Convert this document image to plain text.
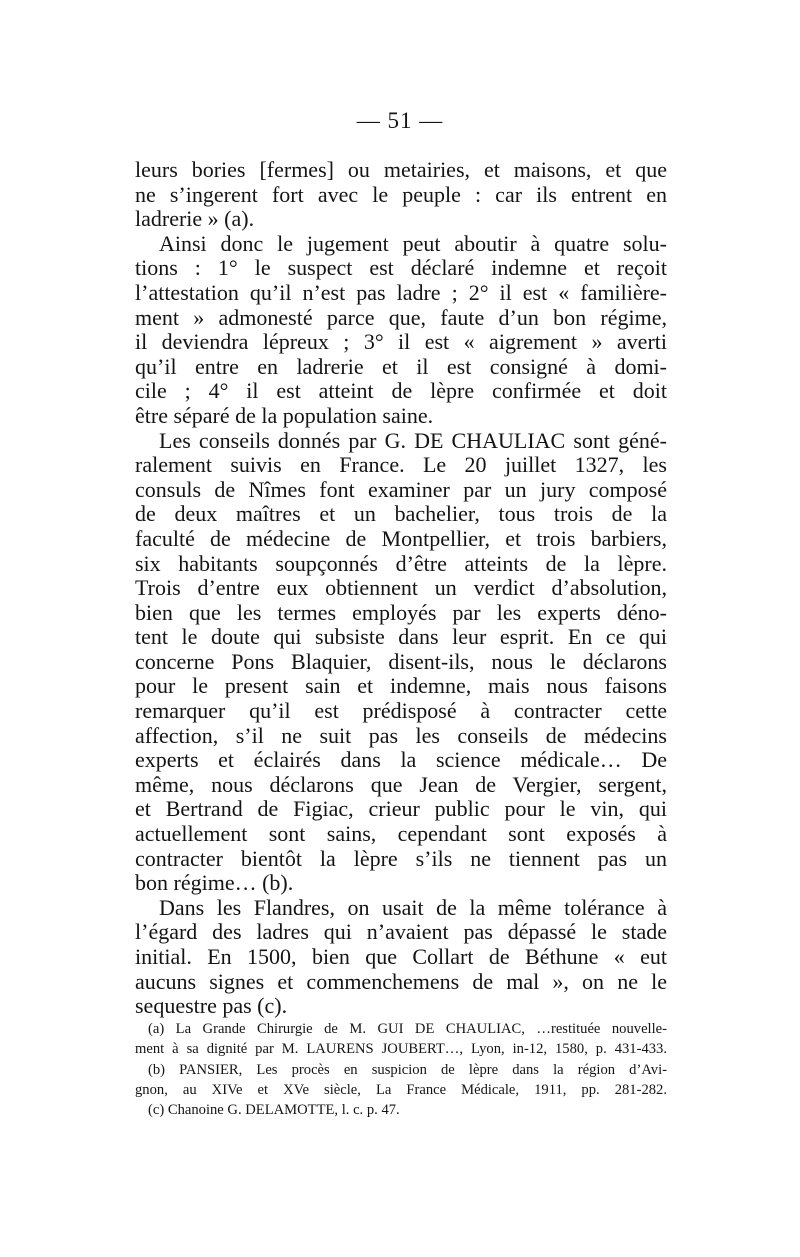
— 51 —
leurs bories [fermes] ou metairies, et maisons, et que
ne s’ingerent fort avec le peuple : car ils entrent en
ladrerie » (a).
Ainsi donc le jugement peut aboutir à quatre solu-
tions : 1° le suspect est déclaré indemne et reçoit
l’attestation qu’il n’est pas ladre ; 2° il est « familière-
ment » admonesté parce que, faute d’un bon régime,
il deviendra lépreux ; 3° il est « aigrement » averti
qu’il entre en ladrerie et il est consigné à domi-
cile ; 4° il est atteint de lèpre confirmée et doit
être séparé de la population saine.
Les conseils donnés par G. DE CHAULIAC sont géné-
ralement suivis en France. Le 20 juillet 1327, les
consuls de Nîmes font examiner par un jury composé
de deux maîtres et un bachelier, tous trois de la
faculté de médecine de Montpellier, et trois barbiers,
six habitants soupçonnés d’être atteints de la lèpre.
Trois d’entre eux obtiennent un verdict d’absolution,
bien que les termes employés par les experts déno-
tent le doute qui subsiste dans leur esprit. En ce qui
concerne Pons Blaquier, disent-ils, nous le déclarons
pour le present sain et indemne, mais nous faisons
remarquer qu’il est prédisposé à contracter cette
affection, s’il ne suit pas les conseils de médecins
experts et éclairés dans la science médicale… De
même, nous déclarons que Jean de Vergier, sergent,
et Bertrand de Figiac, crieur public pour le vin, qui
actuellement sont sains, cependant sont exposés à
contracter bientôt la lèpre s’ils ne tiennent pas un
bon régime… (b).
Dans les Flandres, on usait de la même tolérance à
l’égard des ladres qui n’avaient pas dépassé le stade
initial. En 1500, bien que Collart de Béthune « eut
aucuns signes et commenchemens de mal », on ne le
sequestre pas (c).
(a) La Grande Chirurgie de M. GUI DE CHAULIAC, …restituée nouvelle-
ment à sa dignité par M. LAURENS JOUBERT…, Lyon, in-12, 1580, p. 431-433.
(b) PANSIER, Les procès en suspicion de lèpre dans la région d’Avi-
gnon, au XIVe et XVe siècle, La France Médicale, 1911, pp. 281-282.
(c) Chanoine G. DELAMOTTE, l. c. p. 47.
